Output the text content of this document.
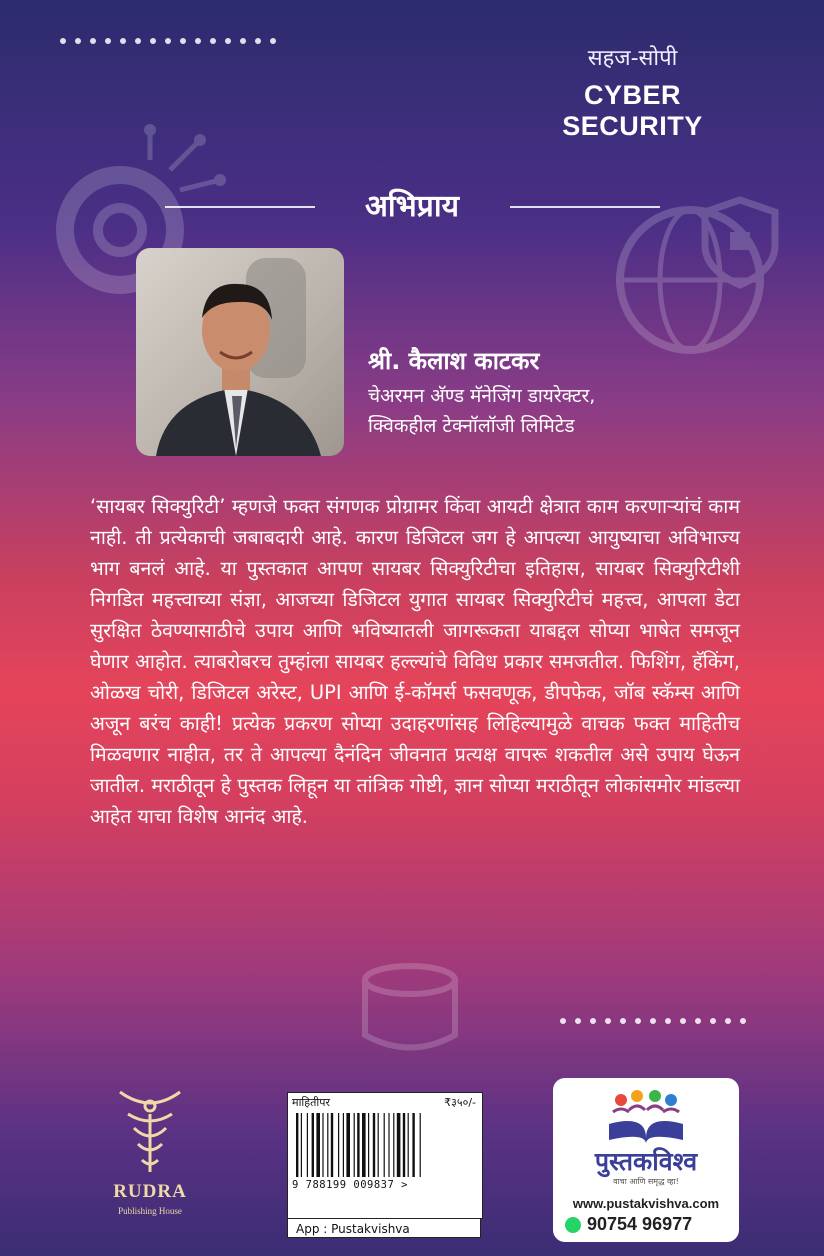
सहज-सोपी
CYBER SECURITY
अभिप्राय
श्री. कैलाश काटकर
चेअरमन अ‍ॅण्ड मॅनेजिंग डायरेक्टर,
क्विकहील टेक्नॉलॉजी लिमिटेड

‘सायबर सिक्युरिटी’ म्हणजे फक्त संगणक प्रोग्रामर किंवा आयटी क्षेत्रात काम करणाऱ्यांचं काम नाही. ती प्रत्येकाची जबाबदारी आहे. कारण डिजिटल जग हे आपल्या आयुष्याचा अविभाज्य भाग बनलं आहे. या पुस्तकात आपण सायबर सिक्युरिटीचा इतिहास, सायबर सिक्युरिटीशी निगडित महत्त्वाच्या संज्ञा, आजच्या डिजिटल युगात सायबर सिक्युरिटीचं महत्त्व, आपला डेटा सुरक्षित ठेवण्यासाठीचे उपाय आणि भविष्यातली जागरूकता याबद्दल सोप्या भाषेत समजून घेणार आहोत. त्याबरोबरच तुम्हांला सायबर हल्ल्यांचे विविध प्रकार समजतील. फिशिंग, हॅकिंग, ओळख चोरी, डिजिटल अरेस्ट, UPI आणि ई-कॉमर्स फसवणूक, डीपफेक, जॉब स्कॅम्स आणि अजून बरंच काही! प्रत्येक प्रकरण सोप्या उदाहरणांसह लिहिल्यामुळे वाचक फक्त माहितीच मिळवणार नाहीत, तर ते आपल्या दैनंदिन जीवनात प्रत्यक्ष वापरू शकतील असे उपाय घेऊन जातील. मराठीतून हे पुस्तक लिहून या तांत्रिक गोष्टी, ज्ञान सोप्या मराठीतून लोकांसमोर मांडल्या आहेत याचा विशेष आनंद आहे.

RUDRA
Publishing House
माहितीपर	₹३५०/-
9 788199 009837 >
App : Pustakvishva
पुस्तकविश्व
वाचा आणि समृद्ध व्हा!
www.pustakvishva.com
90754 96977
